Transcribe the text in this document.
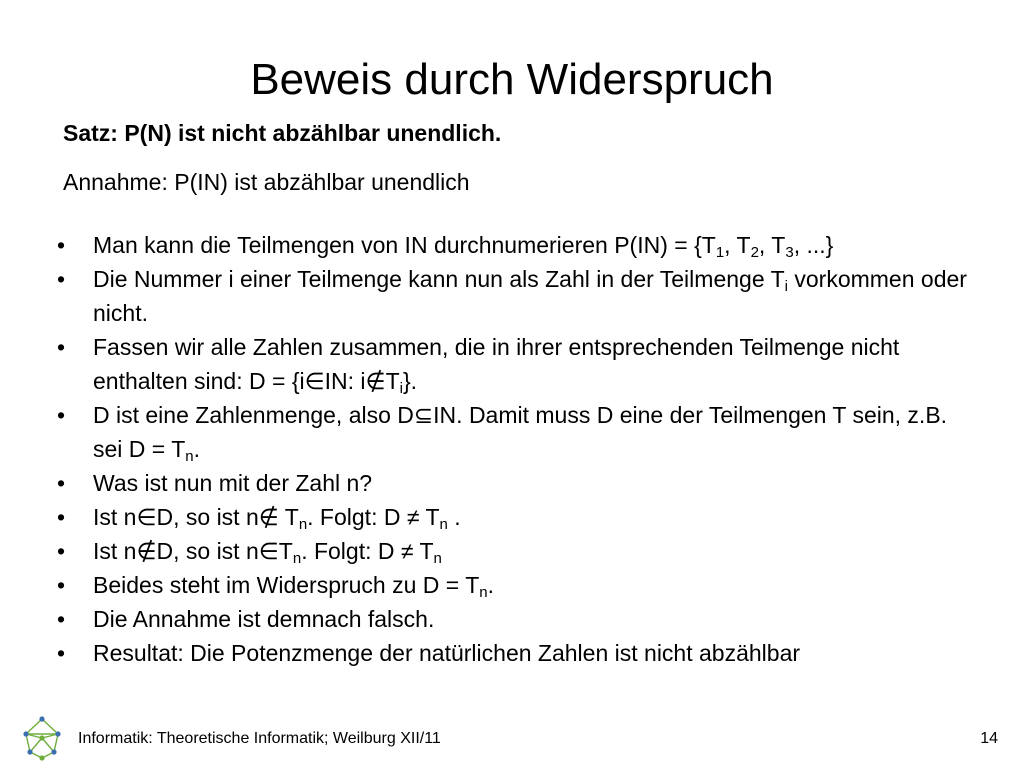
Beweis durch Widerspruch
Satz: P(N) ist nicht abzählbar unendlich.
Annahme: P(IN) ist abzählbar unendlich
• Man kann die Teilmengen von IN durchnumerieren $P(IN) = \{T_1$, $T_2$, $T_3$, ...}
• Die Nummer i einer Teilmenge kann nun als Zahl in der Teilmenge $T_i$ vorkommen oder nicht.
• Fassen wir alle Zahlen zusammen, die in ihrer entsprechenden Teilmenge nicht enthalten sind: D = {i∈IN: $i\notin T_i$}.
• D ist eine Zahlenmenge, also D⊆IN. Damit muss D eine der Teilmengen T sein, z.B. sei $D = T_n$.
• Was ist nun mit der Zahl n?
• Ist n∈D, so ist n∉ $T_n$. Folgt: $D \ne T_n$ .
• Ist n∉D, so ist $n\in T_n$. Folgt: $D \ne T_n$
• Beides steht im Widerspruch zu $D = T_n$.
• Die Annahme ist demnach falsch.
• Resultat: Die Potenzmenge der natürlichen Zahlen ist nicht abzählbar
Informatik: Theoretische Informatik; Weilburg XII/11	14
